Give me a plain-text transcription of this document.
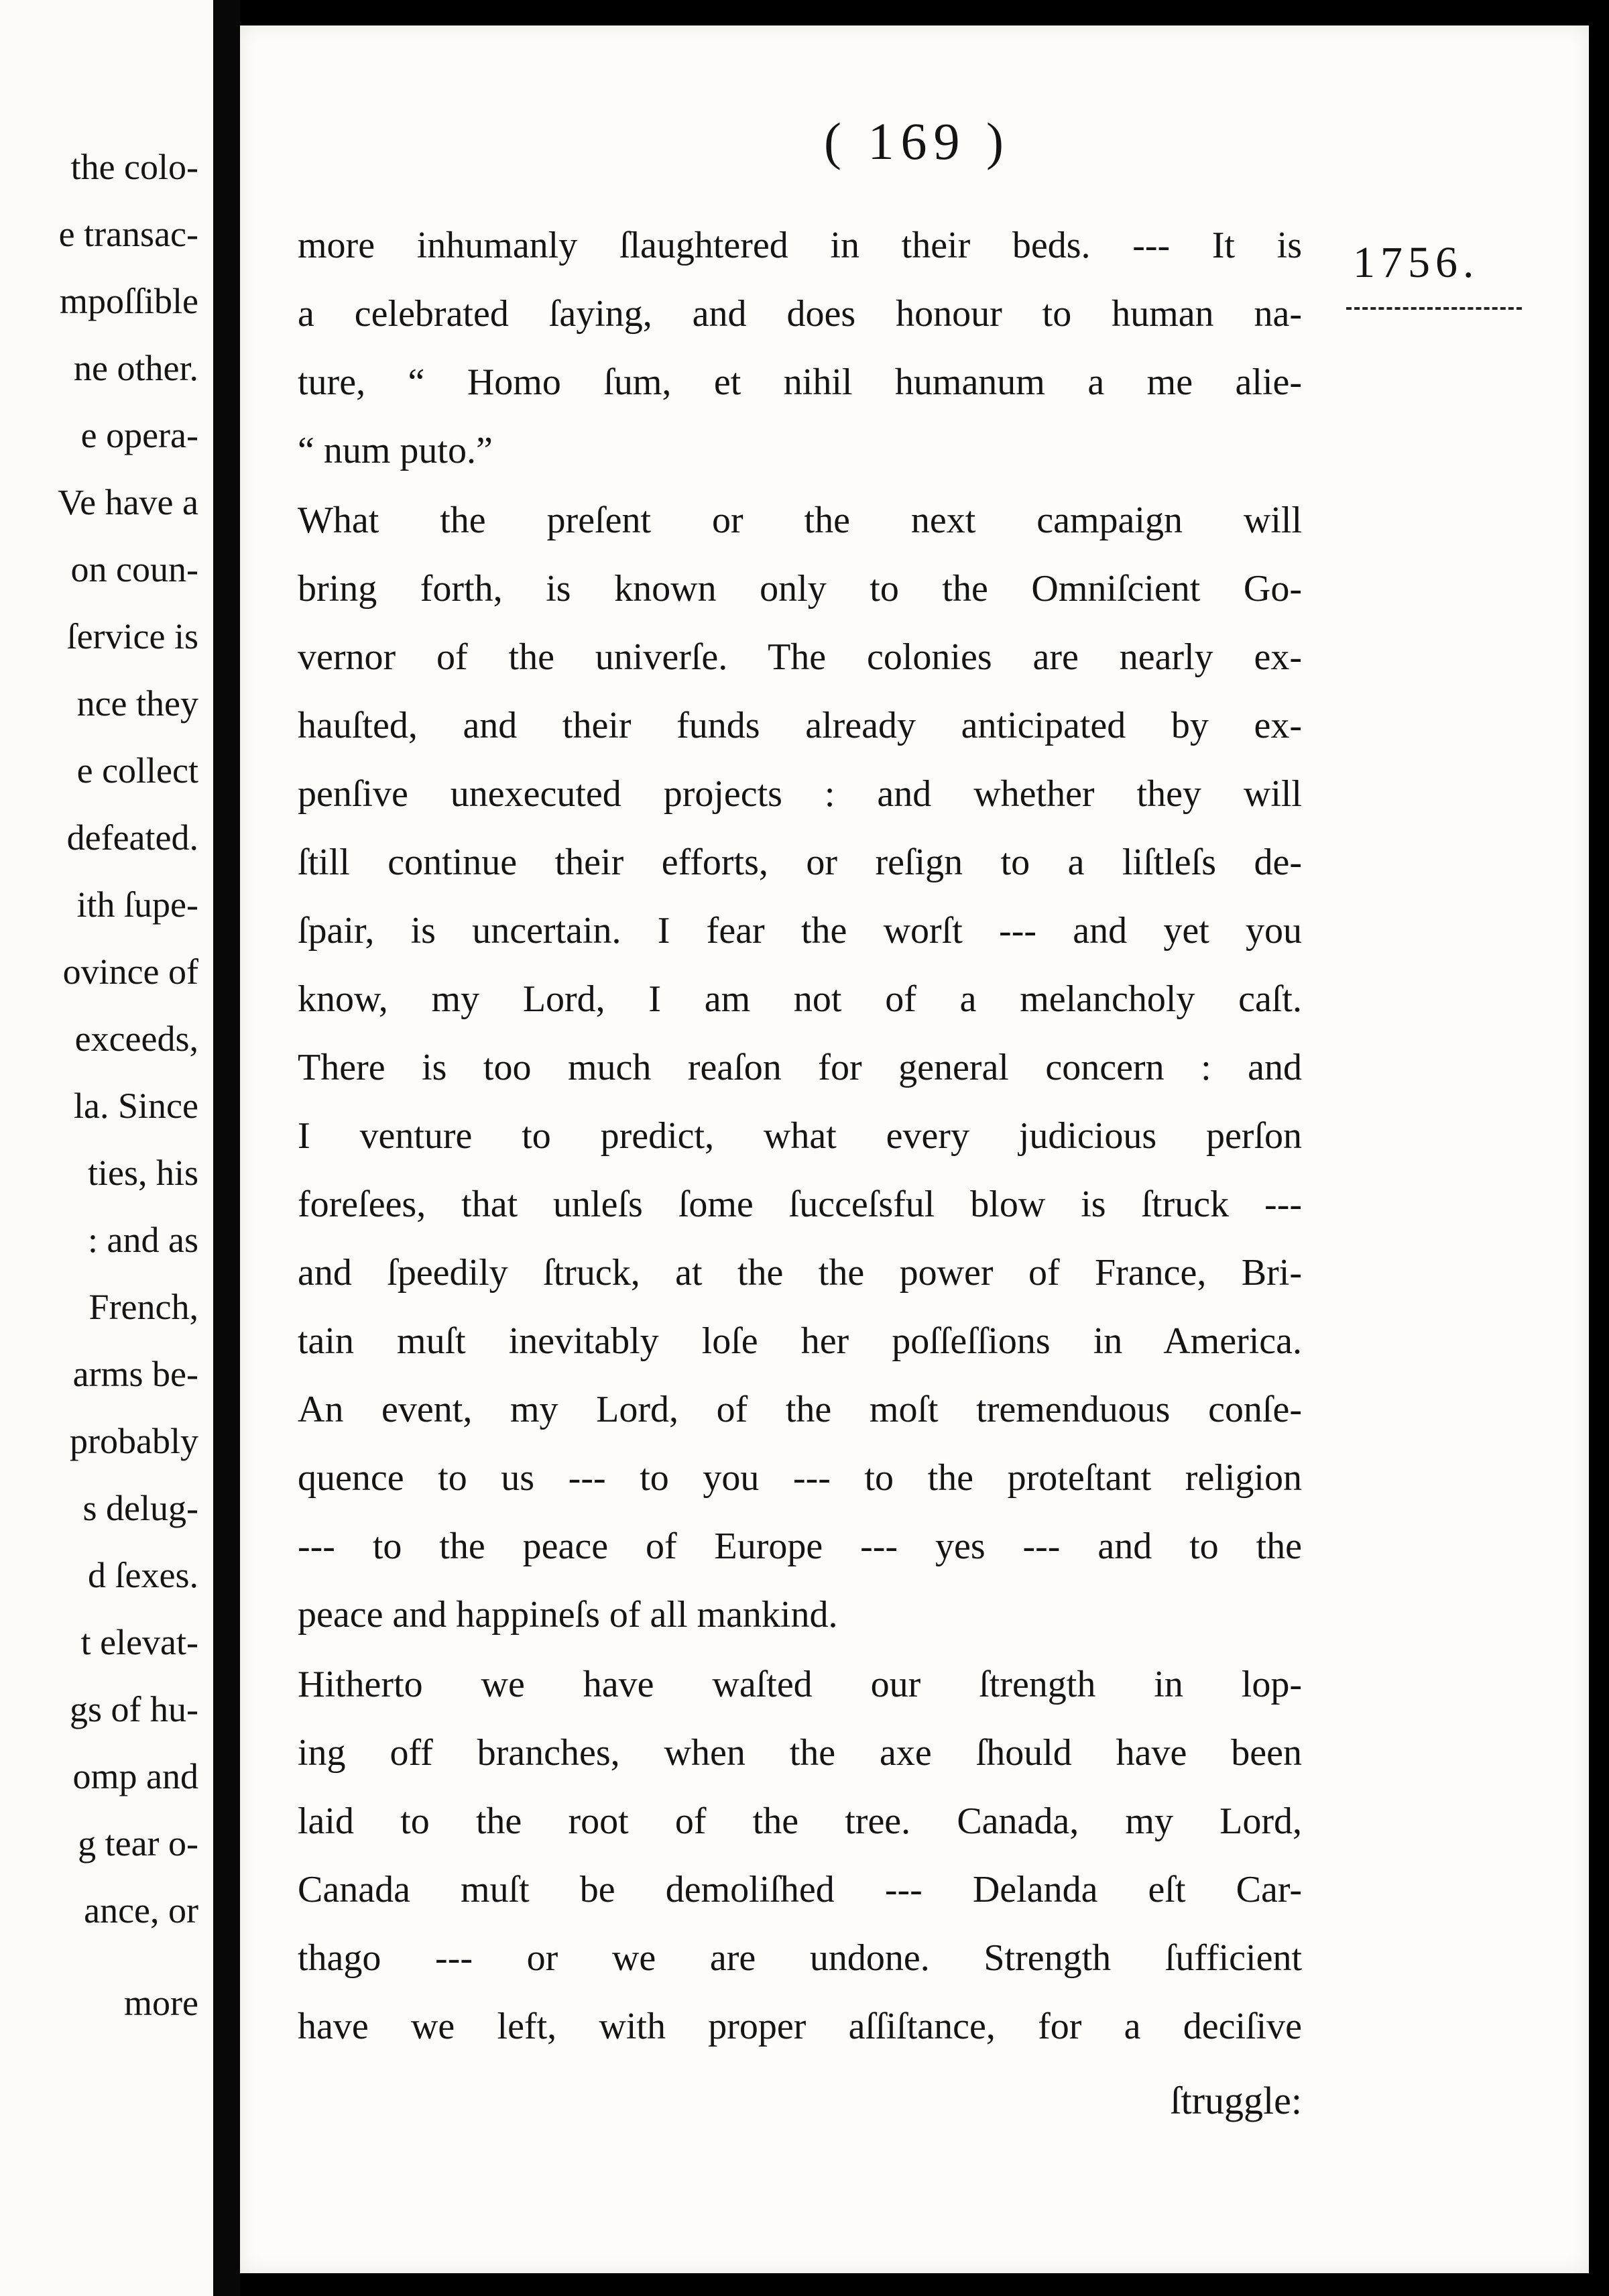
the colo-
e transac-
mpoſſible
ne other.
e opera-
Ve have a
on coun-
ſervice is
nce they
e collect
defeated.
ith ſupe-
ovince of
exceeds,
la. Since
ties, his
: and as
French,
arms be-
probably
s delug-
d ſexes.
t elevat-
gs of hu-
omp and
g tear o-
ance, or
more
( 169 )
1756.
more inhumanly ſlaughtered in their beds. --- It is
a celebrated ſaying, and does honour to human na-
ture, “ Homo ſum, et nihil humanum a me alie-
“ num puto.”
What the preſent or the next campaign will
bring forth, is known only to the Omniſcient Go-
vernor of the univerſe. The colonies are nearly ex-
hauſted, and their funds already anticipated by ex-
penſive unexecuted projects : and whether they will
ſtill continue their efforts, or reſign to a liſtleſs de-
ſpair, is uncertain. I fear the worſt --- and yet you
know, my Lord, I am not of a melancholy caſt.
There is too much reaſon for general concern : and
I venture to predict, what every judicious perſon
foreſees, that unleſs ſome ſucceſsful blow is ſtruck ---
and ſpeedily ſtruck, at the the power of France, Bri-
tain muſt inevitably loſe her poſſeſſions in America.
An event, my Lord, of the moſt tremenduous conſe-
quence to us --- to you --- to the proteſtant religion
--- to the peace of Europe --- yes --- and to the
peace and happineſs of all mankind.
Hitherto we have waſted our ſtrength in lop-
ing off branches, when the axe ſhould have been
laid to the root of the tree. Canada, my Lord,
Canada muſt be demoliſhed --- Delanda eſt Car-
thago --- or we are undone. Strength ſufficient
have we left, with proper aſſiſtance, for a deciſive
ſtruggle:
